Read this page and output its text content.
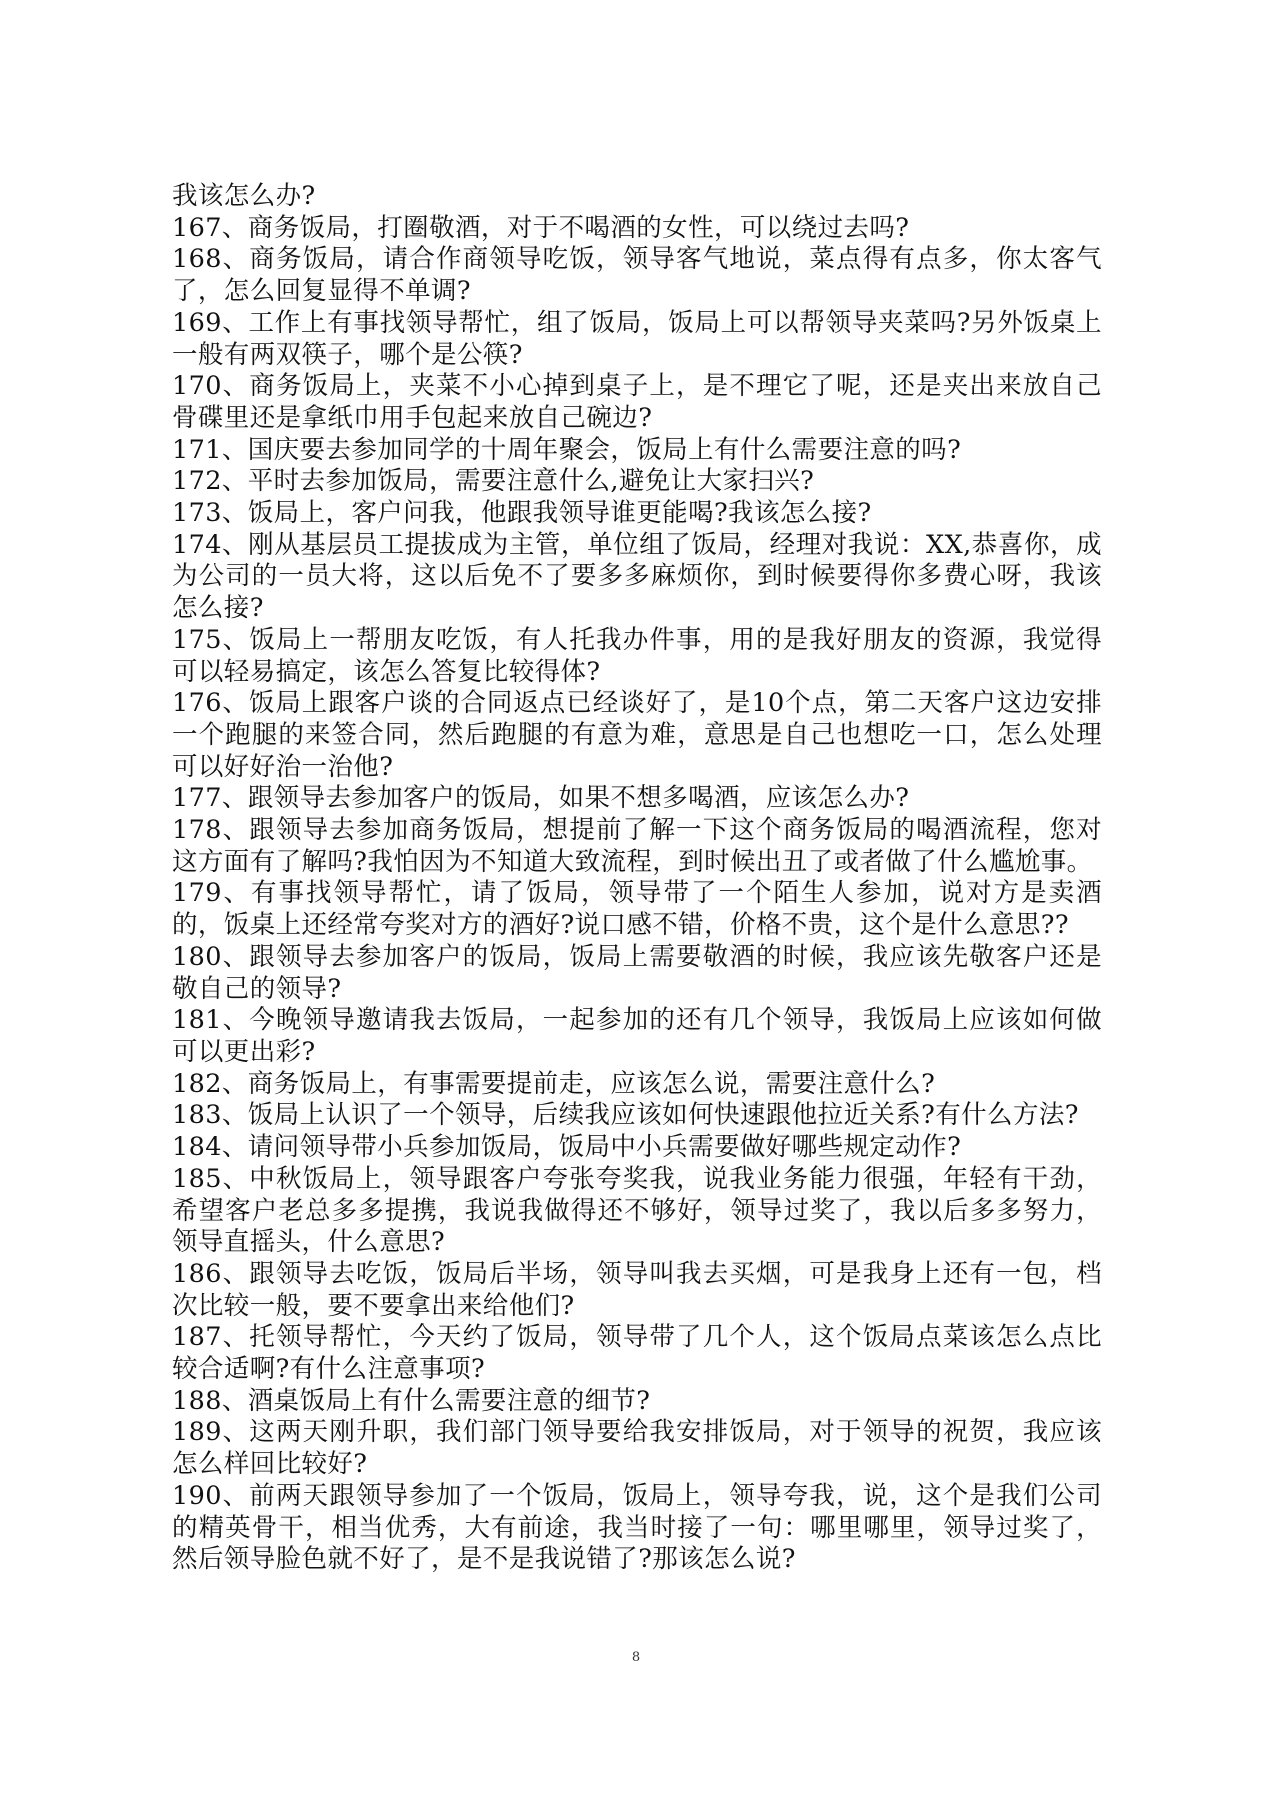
我该怎么办?

167、商务饭局，打圈敬酒，对于不喝酒的女性，可以绕过去吗?

168、商务饭局，请合作商领导吃饭，领导客气地说，菜点得有点多，你太客气了，怎么回复显得不单调?

169、工作上有事找领导帮忙，组了饭局，饭局上可以帮领导夹菜吗?另外饭桌上一般有两双筷子，哪个是公筷?

170、商务饭局上，夹菜不小心掉到桌子上，是不理它了呢，还是夹出来放自己骨碟里还是拿纸巾用手包起来放自己碗边?

171、国庆要去参加同学的十周年聚会，饭局上有什么需要注意的吗?

172、平时去参加饭局，需要注意什么,避免让大家扫兴?

173、饭局上，客户问我，他跟我领导谁更能喝?我该怎么接?

174、刚从基层员工提拔成为主管，单位组了饭局，经理对我说：XX,恭喜你，成为公司的一员大将，这以后免不了要多多麻烦你，到时候要得你多费心呀，我该怎么接?

175、饭局上一帮朋友吃饭，有人托我办件事，用的是我好朋友的资源，我觉得可以轻易搞定，该怎么答复比较得体?

176、饭局上跟客户谈的合同返点已经谈好了，是10个点，第二天客户这边安排一个跑腿的来签合同，然后跑腿的有意为难，意思是自己也想吃一口，怎么处理可以好好治一治他?

177、跟领导去参加客户的饭局，如果不想多喝酒，应该怎么办?

178、跟领导去参加商务饭局，想提前了解一下这个商务饭局的喝酒流程，您对这方面有了解吗?我怕因为不知道大致流程，到时候出丑了或者做了什么尴尬事。

179、有事找领导帮忙，请了饭局，领导带了一个陌生人参加，说对方是卖酒的，饭桌上还经常夸奖对方的酒好?说口感不错，价格不贵，这个是什么意思??

180、跟领导去参加客户的饭局，饭局上需要敬酒的时候，我应该先敬客户还是敬自己的领导?

181、今晚领导邀请我去饭局，一起参加的还有几个领导，我饭局上应该如何做可以更出彩?

182、商务饭局上，有事需要提前走，应该怎么说，需要注意什么?

183、饭局上认识了一个领导，后续我应该如何快速跟他拉近关系?有什么方法?

184、请问领导带小兵参加饭局，饭局中小兵需要做好哪些规定动作?

185、中秋饭局上，领导跟客户夸张夸奖我，说我业务能力很强，年轻有干劲，希望客户老总多多提携，我说我做得还不够好，领导过奖了，我以后多多努力，领导直摇头，什么意思?

186、跟领导去吃饭，饭局后半场，领导叫我去买烟，可是我身上还有一包，档次比较一般，要不要拿出来给他们?

187、托领导帮忙，今天约了饭局，领导带了几个人，这个饭局点菜该怎么点比较合适啊?有什么注意事项?

188、酒桌饭局上有什么需要注意的细节?

189、这两天刚升职，我们部门领导要给我安排饭局，对于领导的祝贺，我应该怎么样回比较好?

190、前两天跟领导参加了一个饭局，饭局上，领导夸我，说，这个是我们公司的精英骨干，相当优秀，大有前途，我当时接了一句：哪里哪里，领导过奖了，然后领导脸色就不好了，是不是我说错了?那该怎么说?

8
